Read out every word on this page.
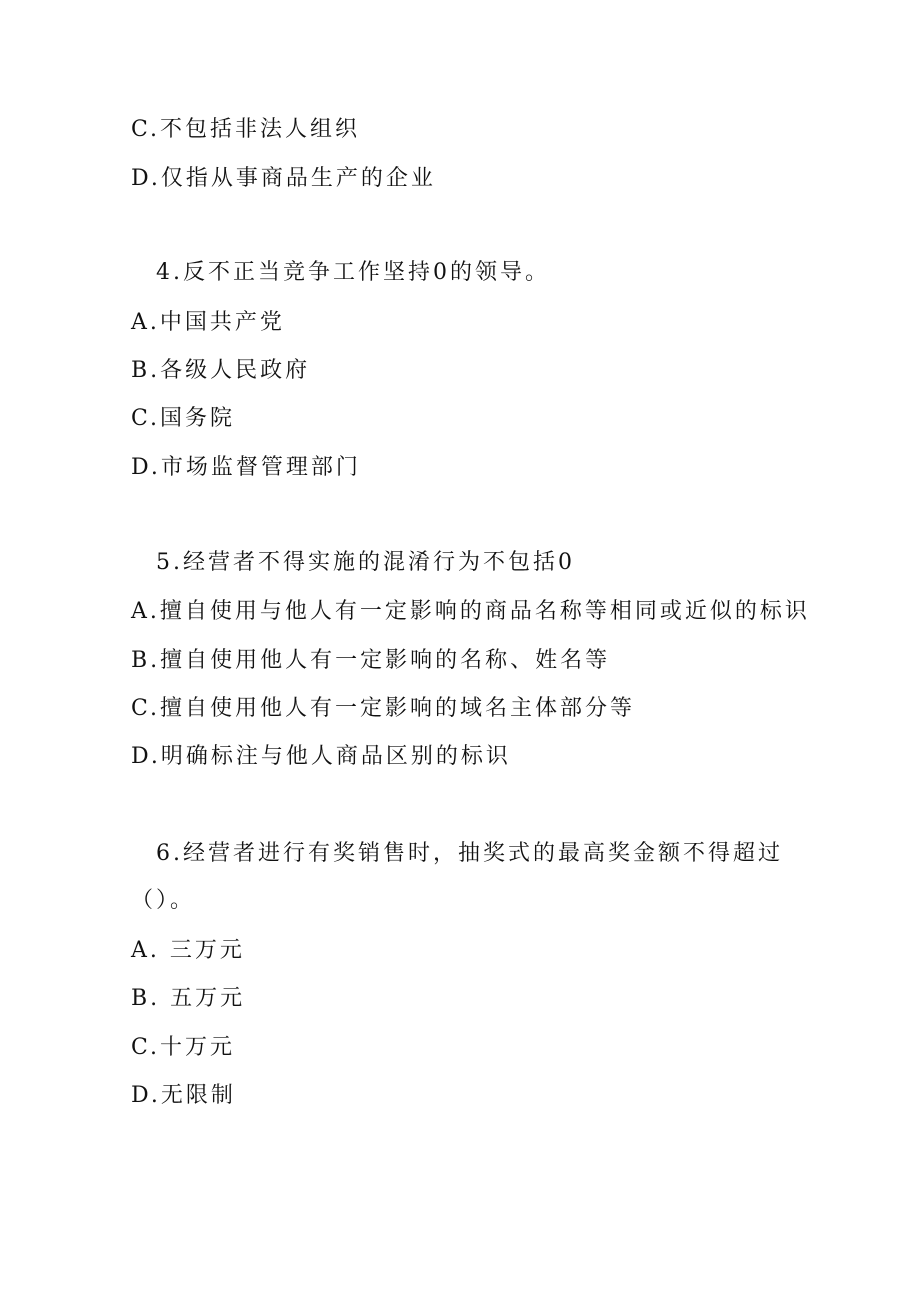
C.不包括非法人组织
D.仅指从事商品生产的企业
4.反不正当竞争工作坚持0的领导。
A.中国共产党
B.各级人民政府
C.国务院
D.市场监督管理部门
5.经营者不得实施的混淆行为不包括0
A.擅自使用与他人有一定影响的商品名称等相同或近似的标识
B.擅自使用他人有一定影响的名称、姓名等
C.擅自使用他人有一定影响的域名主体部分等
D.明确标注与他人商品区别的标识
6.经营者进行有奖销售时，抽奖式的最高奖金额不得超过
（）。
A. 三万元
B. 五万元
C.十万元
D.无限制
